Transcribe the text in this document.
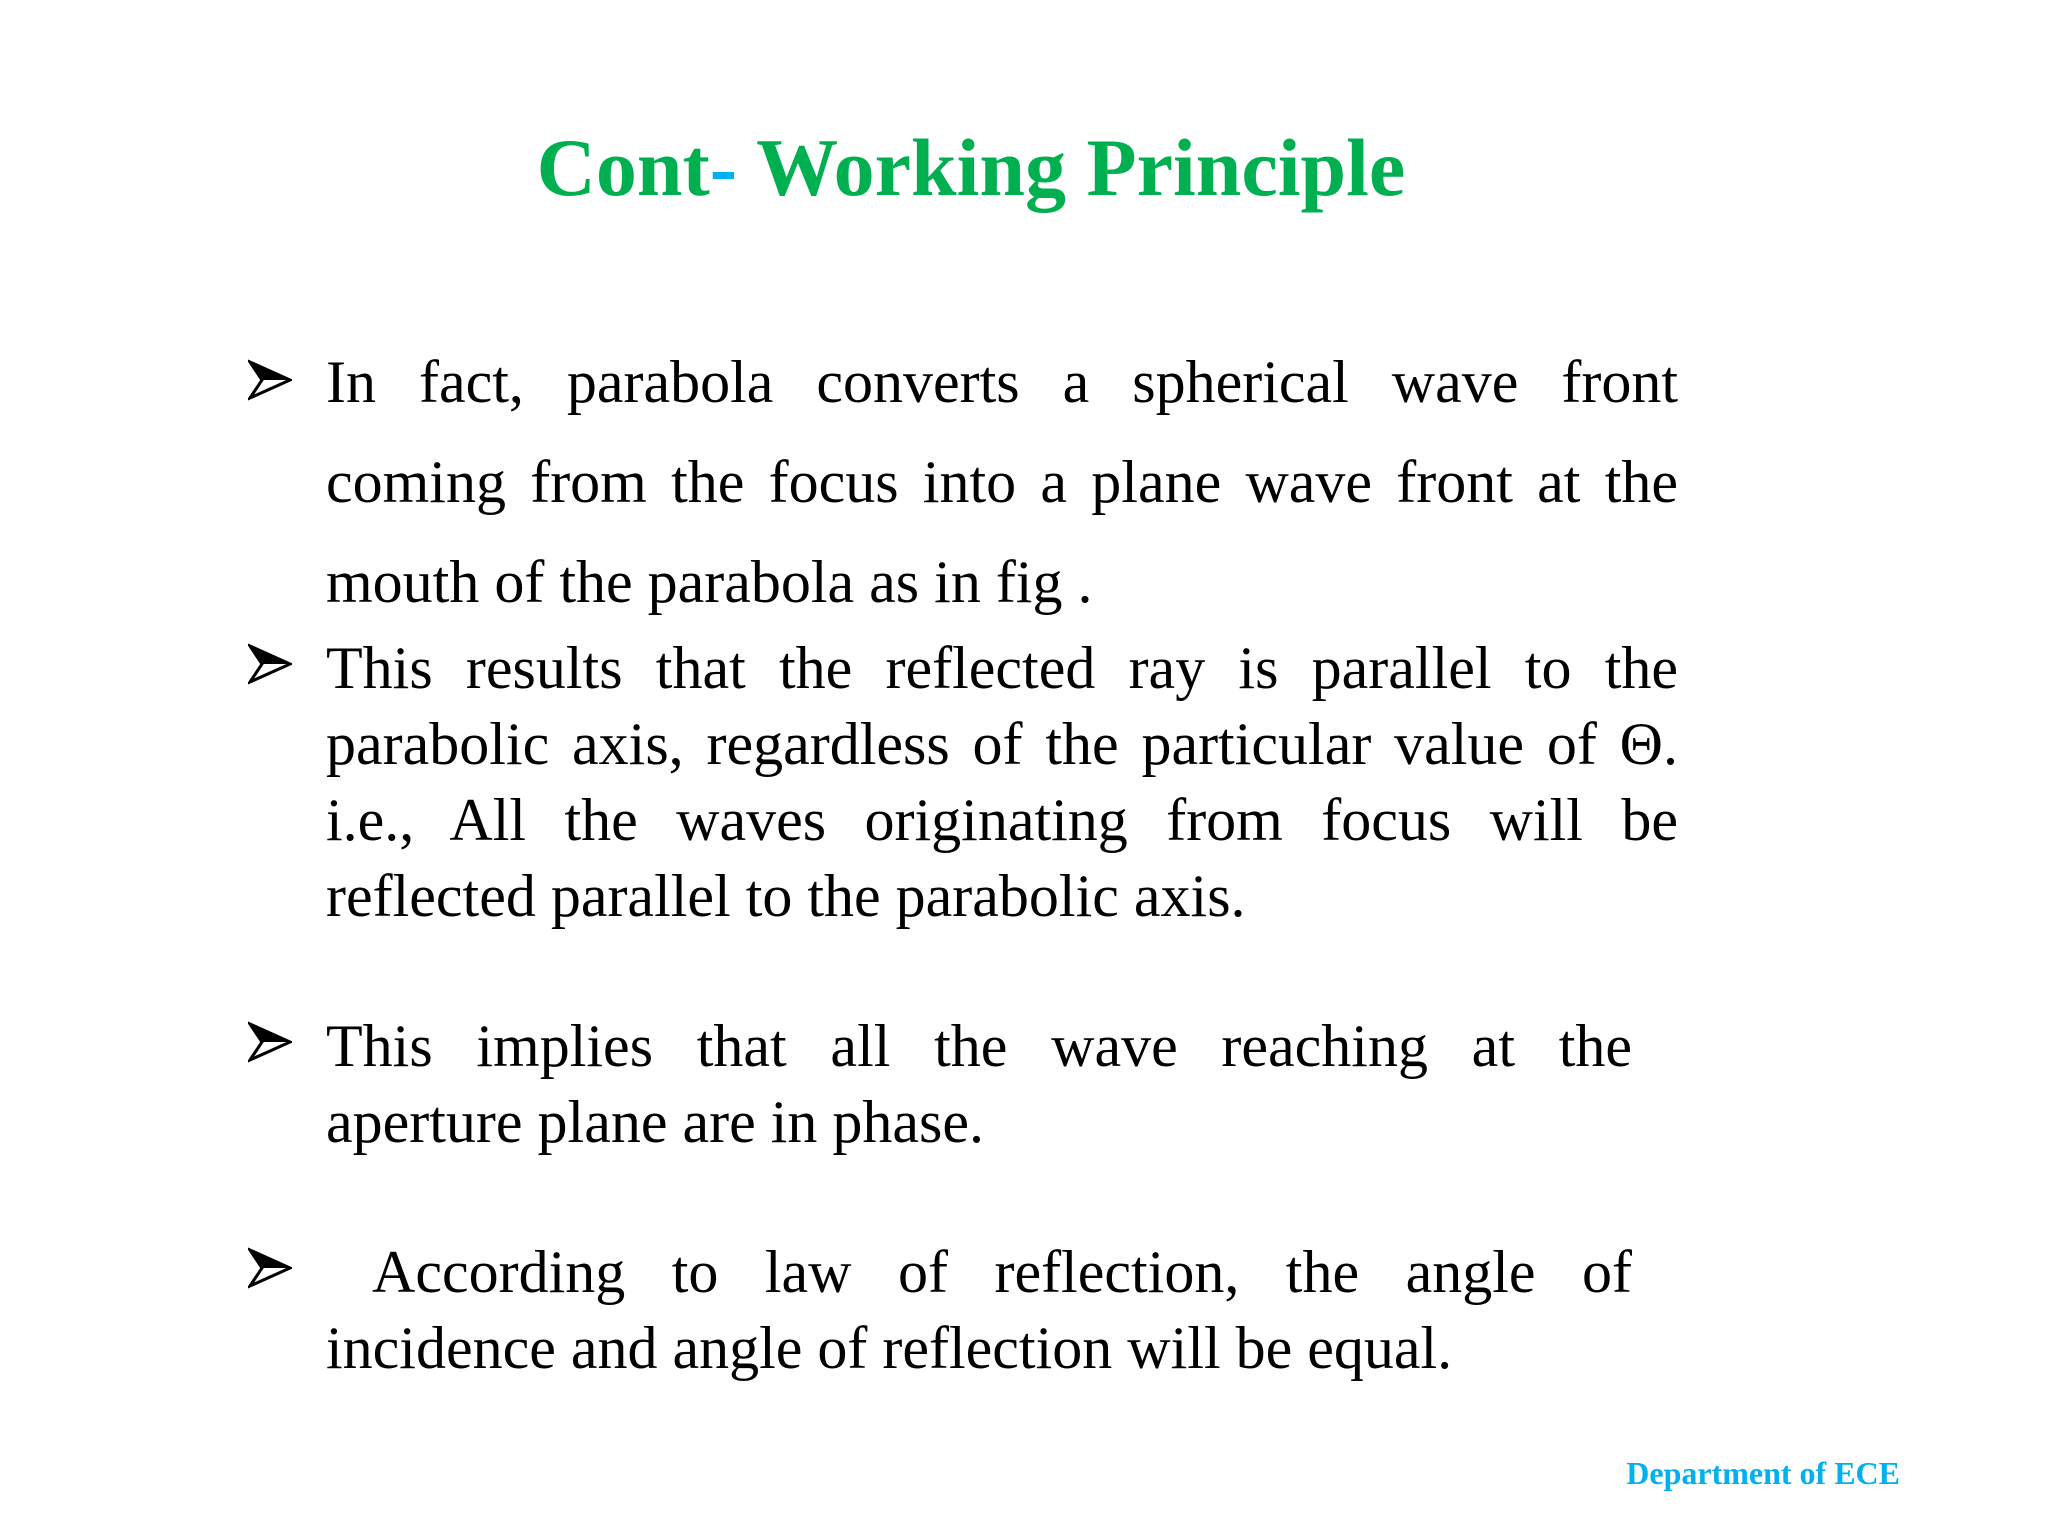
Cont- Working Principle

In fact, parabola converts a spherical wave front
coming from the focus into a plane wave front at the
mouth of the parabola as in fig .

This results that the reflected ray is parallel to the
parabolic axis, regardless of the particular value of Θ.
i.e., All the waves originating from focus will be
reflected parallel to the parabolic axis.

This implies that all the wave reaching at the
aperture plane are in phase.

According to law of reflection, the angle of
incidence and angle of reflection will be equal.

Department of ECE
